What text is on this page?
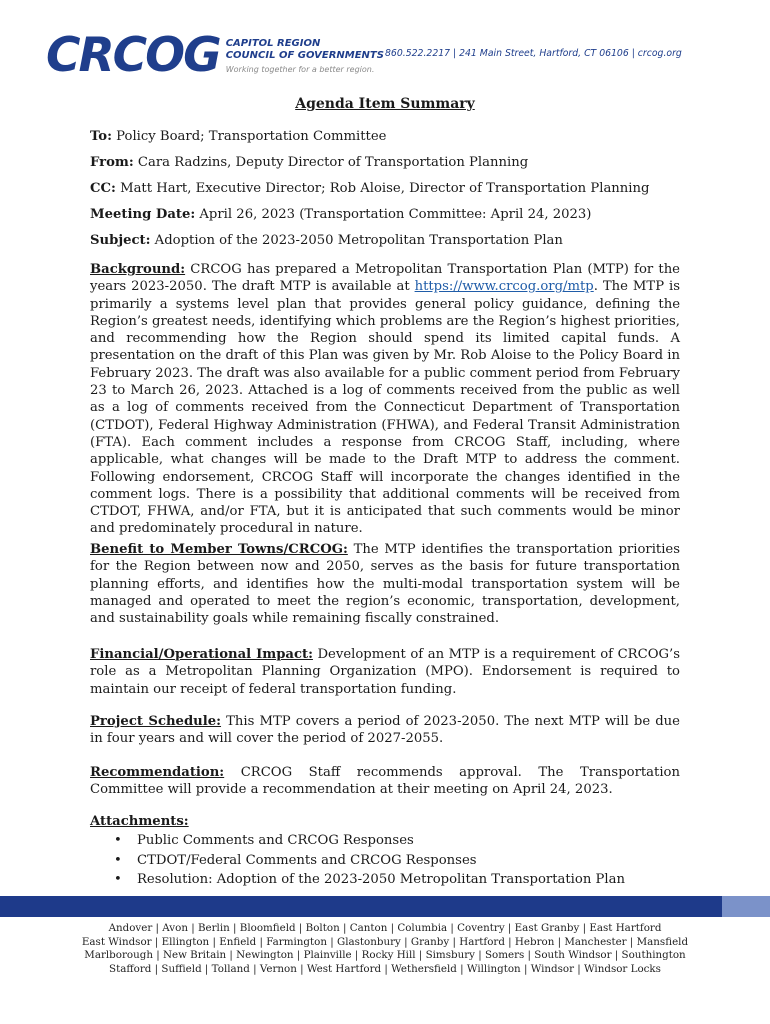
CRCOG CAPITOL REGION
COUNCIL OF GOVERNMENTS
Working together for a better region.
860.522.2217 | 241 Main Street, Hartford, CT 06106 | crcog.org
Agenda Item Summary
To: Policy Board; Transportation Committee
From: Cara Radzins, Deputy Director of Transportation Planning
CC: Matt Hart, Executive Director; Rob Aloise, Director of Transportation Planning
Meeting Date: April 26, 2023 (Transportation Committee: April 24, 2023)
Subject: Adoption of the 2023-2050 Metropolitan Transportation Plan
Background: CRCOG has prepared a Metropolitan Transportation Plan (MTP) for the years 2023-2050. The draft MTP is available at https://www.crcog.org/mtp. The MTP is primarily a systems level plan that provides general policy guidance, defining the Region’s greatest needs, identifying which problems are the Region’s highest priorities, and recommending how the Region should spend its limited capital funds. A presentation on the draft of this Plan was given by Mr. Rob Aloise to the Policy Board in February 2023. The draft was also available for a public comment period from February 23 to March 26, 2023. Attached is a log of comments received from the public as well as a log of comments received from the Connecticut Department of Transportation (CTDOT), Federal Highway Administration (FHWA), and Federal Transit Administration (FTA). Each comment includes a response from CRCOG Staff, including, where applicable, what changes will be made to the Draft MTP to address the comment. Following endorsement, CRCOG Staff will incorporate the changes identified in the comment logs. There is a possibility that additional comments will be received from CTDOT, FHWA, and/or FTA, but it is anticipated that such comments would be minor and predominately procedural in nature.
Benefit to Member Towns/CRCOG: The MTP identifies the transportation priorities for the Region between now and 2050, serves as the basis for future transportation planning efforts, and identifies how the multi-modal transportation system will be managed and operated to meet the region’s economic, transportation, development, and sustainability goals while remaining fiscally constrained.
Financial/Operational Impact: Development of an MTP is a requirement of CRCOG’s role as a Metropolitan Planning Organization (MPO). Endorsement is required to maintain our receipt of federal transportation funding.
Project Schedule: This MTP covers a period of 2023-2050. The next MTP will be due in four years and will cover the period of 2027-2055.
Recommendation: CRCOG Staff recommends approval. The Transportation Committee will provide a recommendation at their meeting on April 24, 2023.
Attachments:
• Public Comments and CRCOG Responses
• CTDOT/Federal Comments and CRCOG Responses
• Resolution: Adoption of the 2023-2050 Metropolitan Transportation Plan
Andover | Avon | Berlin | Bloomfield | Bolton | Canton | Columbia | Coventry | East Granby | East Hartford
East Windsor | Ellington | Enfield | Farmington | Glastonbury | Granby | Hartford | Hebron | Manchester | Mansfield
Marlborough | New Britain | Newington | Plainville | Rocky Hill | Simsbury | Somers | South Windsor | Southington
Stafford | Suffield | Tolland | Vernon | West Hartford | Wethersfield | Willington | Windsor | Windsor Locks
